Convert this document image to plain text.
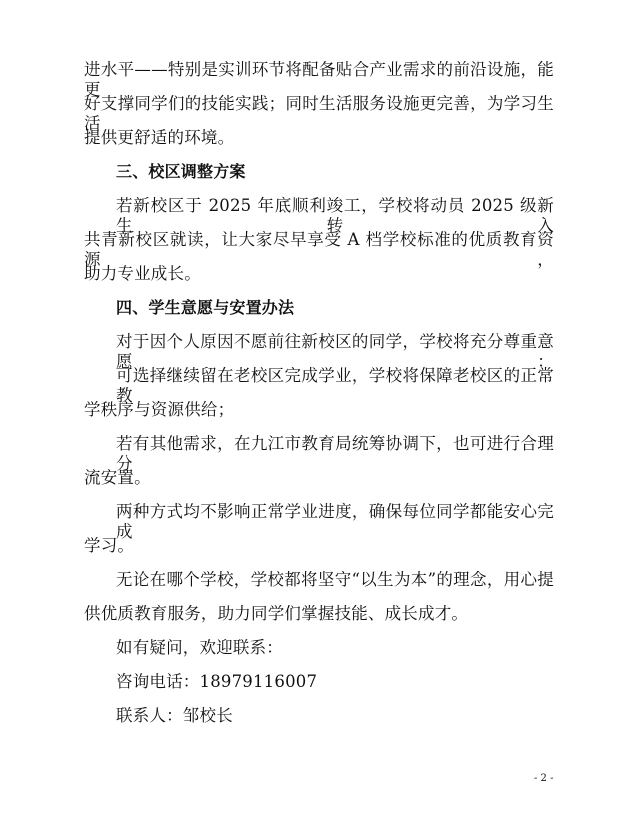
进水平——特别是实训环节将配备贴合产业需求的前沿设施，能更
好支撑同学们的技能实践；同时生活服务设施更完善，为学习生活
提供更舒适的环境。
三、校区调整方案
若新校区于 2025 年底顺利竣工，学校将动员 2025 级新生转入
共青新校区就读，让大家尽早享受 A 档学校标准的优质教育资源，
助力专业成长。
四、学生意愿与安置办法
对于因个人原因不愿前往新校区的同学，学校将充分尊重意愿：
可选择继续留在老校区完成学业，学校将保障老校区的正常教
学秩序与资源供给；
若有其他需求，在九江市教育局统筹协调下，也可进行合理分
流安置。
两种方式均不影响正常学业进度，确保每位同学都能安心完成
学习。
无论在哪个学校，学校都将坚守“以生为本”的理念，用心提
供优质教育服务，助力同学们掌握技能、成长成才。
如有疑问，欢迎联系：
咨询电话：18979116007
联系人：邹校长
- 2 -
